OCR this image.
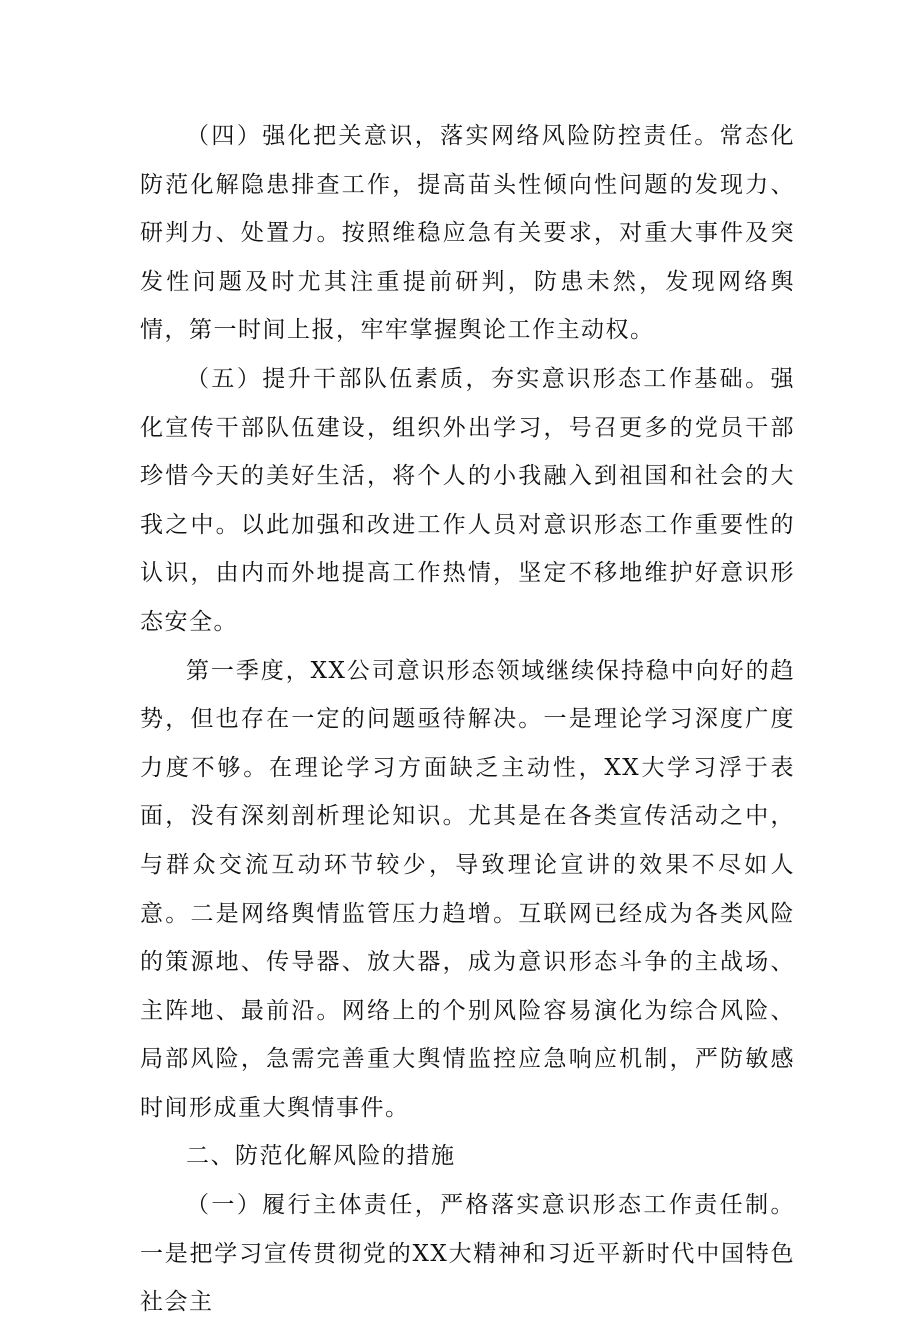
（四）强化把关意识，落实网络风险防控责任。常态化防范化解隐患排查工作，提高苗头性倾向性问题的发现力、研判力、处置力。按照维稳应急有关要求，对重大事件及突发性问题及时尤其注重提前研判，防患未然，发现网络舆情，第一时间上报，牢牢掌握舆论工作主动权。

（五）提升干部队伍素质，夯实意识形态工作基础。强化宣传干部队伍建设，组织外出学习，号召更多的党员干部珍惜今天的美好生活，将个人的小我融入到祖国和社会的大我之中。以此加强和改进工作人员对意识形态工作重要性的认识，由内而外地提高工作热情，坚定不移地维护好意识形态安全。

第一季度，XX公司意识形态领域继续保持稳中向好的趋势，但也存在一定的问题亟待解决。一是理论学习深度广度力度不够。在理论学习方面缺乏主动性，XX大学习浮于表面，没有深刻剖析理论知识。尤其是在各类宣传活动之中，与群众交流互动环节较少，导致理论宣讲的效果不尽如人意。二是网络舆情监管压力趋增。互联网已经成为各类风险的策源地、传导器、放大器，成为意识形态斗争的主战场、主阵地、最前沿。网络上的个别风险容易演化为综合风险、局部风险，急需完善重大舆情监控应急响应机制，严防敏感时间形成重大舆情事件。

二、防范化解风险的措施

（一）履行主体责任，严格落实意识形态工作责任制。一是把学习宣传贯彻党的XX大精神和习近平新时代中国特色社会主
